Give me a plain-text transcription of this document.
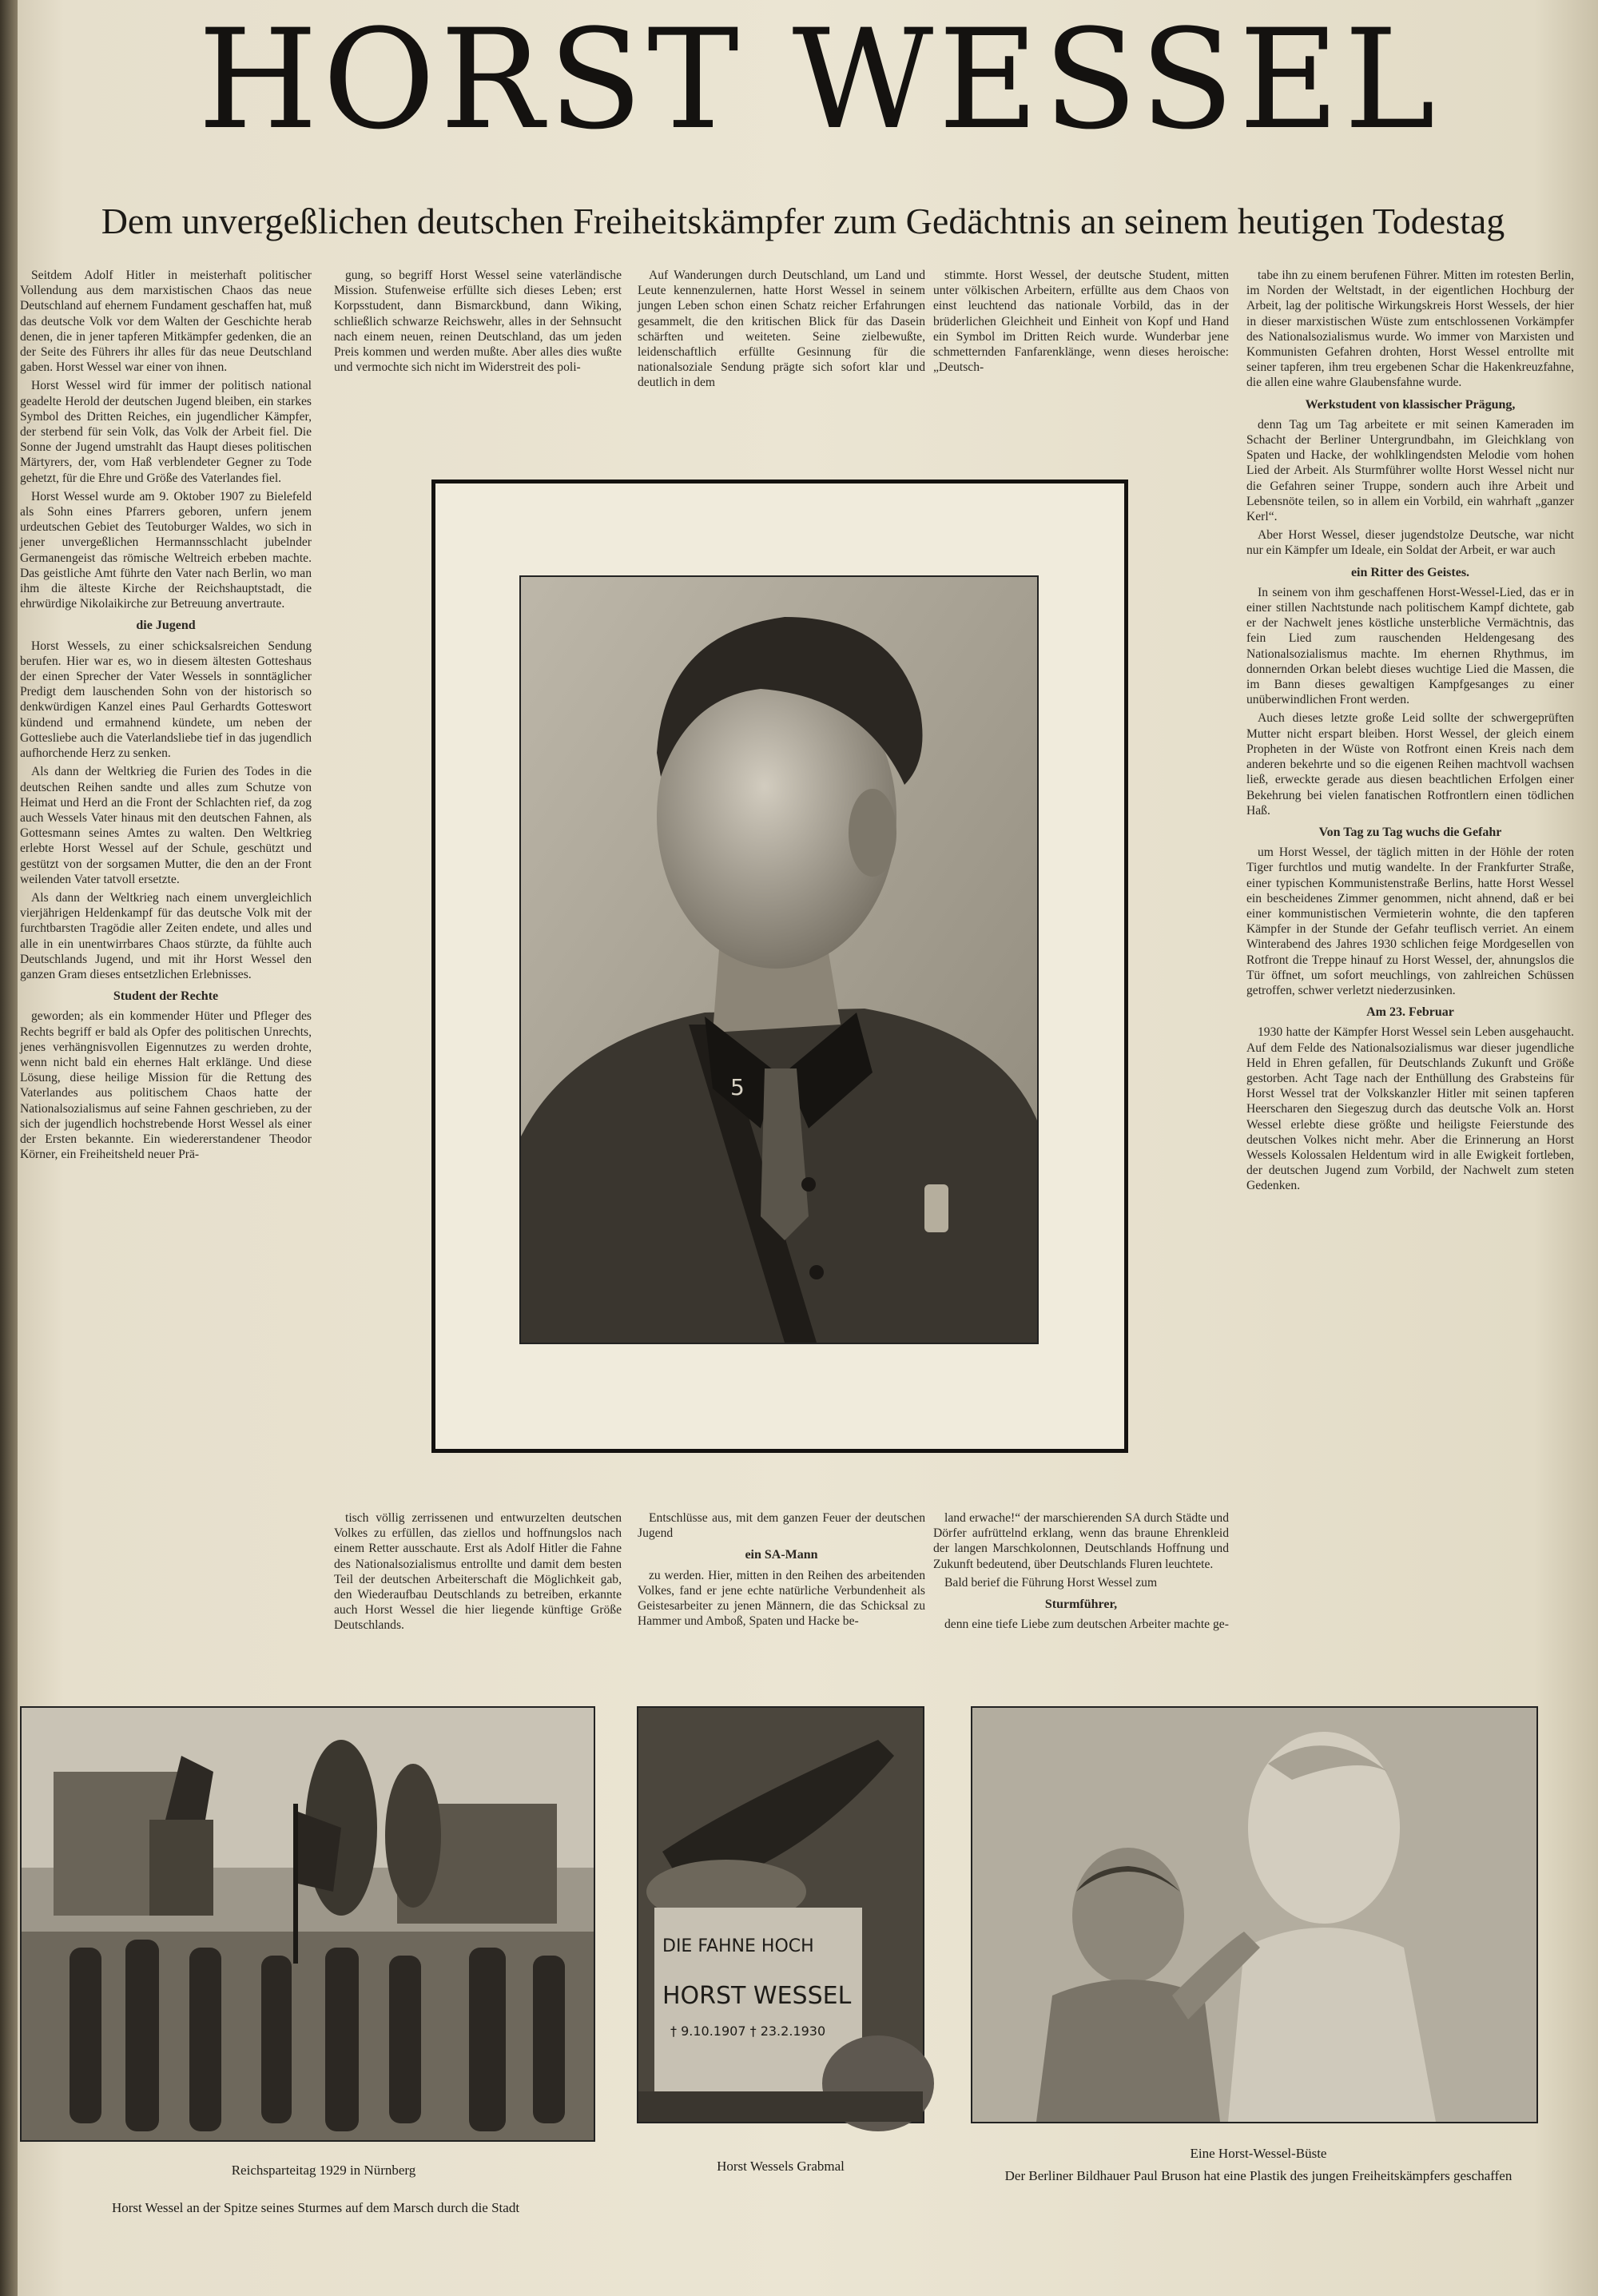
HORST WESSEL
Dem unvergeßlichen deutschen Freiheitskämpfer zum Gedächtnis an seinem heutigen Todestag

Seitdem Adolf Hitler in meisterhaft politischer Vollendung aus dem marxistischen Chaos das neue Deutschland auf ehernem Fundament geschaffen hat, muß das deutsche Volk vor dem Walten der Geschichte herab denen, die in jener tapferen Mitkämpfer gedenken, die an der Seite des Führers ihr alles für das neue Deutschland gaben. Horst Wessel war einer von ihnen.

Horst Wessel wird für immer der politisch national geadelte Herold der deutschen Jugend bleiben, ein starkes Symbol des Dritten Reiches, ein jugendlicher Kämpfer, der sterbend für sein Volk, das Volk der Arbeit fiel. Die Sonne der Jugend umstrahlt das Haupt dieses politischen Märtyrers, der, vom Haß verblendeter Gegner zu Tode gehetzt, für die Ehre und Größe des Vaterlandes fiel.

Horst Wessel wurde am 9. Oktober 1907 zu Bielefeld als Sohn eines Pfarrers geboren, unfern jenem urdeutschen Gebiet des Teutoburger Waldes, wo sich in jener unvergeßlichen Hermannsschlacht jubelnder Germanengeist das römische Weltreich erbeben machte. Das geistliche Amt führte den Vater nach Berlin, wo man ihm die älteste Kirche der Reichshauptstadt, die ehrwürdige Nikolaikirche zur Betreuung anvertraute.

die Jugend

Horst Wessels, zu einer schicksalsreichen Sendung berufen. Hier war es, wo in diesem ältesten Gotteshaus der einen Sprecher der Vater Wessels in sonntäglicher Predigt dem lauschenden Sohn von der historisch so denkwürdigen Kanzel eines Paul Gerhardts Gotteswort kündend und ermahnend kündete, um neben der Gottesliebe auch die Vaterlandsliebe tief in das jugendlich aufhorchende Herz zu senken.

Als dann der Weltkrieg die Furien des Todes in die deutschen Reihen sandte und alles zum Schutze von Heimat und Herd an die Front der Schlachten rief, da zog auch Wessels Vater hinaus mit den deutschen Fahnen, als Gottesmann seines Amtes zu walten. Den Weltkrieg erlebte Horst Wessel auf der Schule, geschützt und gestützt von der sorgsamen Mutter, die den an der Front weilenden Vater tatvoll ersetzte.

Als dann der Weltkrieg nach einem unvergleichlich vierjährigen Heldenkampf für das deutsche Volk mit der furchtbarsten Tragödie aller Zeiten endete, und alles und alle in ein unentwirrbares Chaos stürzte, da fühlte auch Deutschlands Jugend, und mit ihr Horst Wessel den ganzen Gram dieses entsetzlichen Erlebnisses.

Student der Rechte

geworden; als ein kommender Hüter und Pfleger des Rechts begriff er bald als Opfer des politischen Unrechts, jenes verhängnisvollen Eigennutzes zu werden drohte, wenn nicht bald ein ehernes Halt erklänge. Und diese Lösung, diese heilige Mission für die Rettung des Vaterlandes aus politischem Chaos hatte der Nationalsozialismus auf seine Fahnen geschrieben, zu der sich der jugendlich hochstrebende Horst Wessel als einer der Ersten bekannte. Ein wiedererstandener Theodor Körner, ein Freiheitsheld neuer Prä-

gung, so begriff Horst Wessel seine vaterländische Mission. Stufenweise erfüllte sich dieses Leben; erst Korpsstudent, dann Bismarckbund, dann Wiking, schließlich schwarze Reichswehr, alles in der Sehnsucht nach einem neuen, reinen Deutschland, das um jeden Preis kommen und werden mußte. Aber alles dies wußte und vermochte sich nicht im Widerstreit des poli-

Auf Wanderungen durch Deutschland, um Land und Leute kennenzulernen, hatte Horst Wessel in seinem jungen Leben schon einen Schatz reicher Erfahrungen gesammelt, die den kritischen Blick für das Dasein schärften und weiteten. Seine zielbewußte, leidenschaftlich erfüllte Gesinnung für die nationalsoziale Sendung prägte sich sofort klar und deutlich in dem

stimmte. Horst Wessel, der deutsche Student, mitten unter völkischen Arbeitern, erfüllte aus dem Chaos von einst leuchtend das nationale Vorbild, das in der brüderlichen Gleichheit und Einheit von Kopf und Hand ein Symbol im Dritten Reich wurde. Wunderbar jene schmetternden Fanfarenklänge, wenn dieses heroische: „Deutsch-

tabe ihn zu einem berufenen Führer. Mitten im rotesten Berlin, im Norden der Weltstadt, in der eigentlichen Hochburg der Arbeit, lag der politische Wirkungskreis Horst Wessels, der hier in dieser marxistischen Wüste zum entschlossenen Vorkämpfer des Nationalsozialismus wurde. Wo immer von Marxisten und Kommunisten Gefahren drohten, Horst Wessel entrollte mit seiner tapferen, ihm treu ergebenen Schar die Hakenkreuzfahne, die allen eine wahre Glaubensfahne wurde.

Werkstudent von klassischer Prägung,

denn Tag um Tag arbeitete er mit seinen Kameraden im Schacht der Berliner Untergrundbahn, im Gleichklang von Spaten und Hacke, der wohlklingendsten Melodie vom hohen Lied der Arbeit. Als Sturmführer wollte Horst Wessel nicht nur die Gefahren seiner Truppe, sondern auch ihre Arbeit und Lebensnöte teilen, so in allem ein Vorbild, ein wahrhaft „ganzer Kerl“.

Aber Horst Wessel, dieser jugendstolze Deutsche, war nicht nur ein Kämpfer um Ideale, ein Soldat der Arbeit, er war auch

ein Ritter des Geistes.

In seinem von ihm geschaffenen Horst-Wessel-Lied, das er in einer stillen Nachtstunde nach politischem Kampf dichtete, gab er der Nachwelt jenes köstliche unsterbliche Vermächtnis, das fein Lied zum rauschenden Heldengesang des Nationalsozialismus machte. Im ehernen Rhythmus, im donnernden Orkan belebt dieses wuchtige Lied die Massen, die im Bann dieses gewaltigen Kampfgesanges zu einer unüberwindlichen Front werden.

Auch dieses letzte große Leid sollte der schwergeprüften Mutter nicht erspart bleiben. Horst Wessel, der gleich einem Propheten in der Wüste von Rotfront einen Kreis nach dem anderen bekehrte und so die eigenen Reihen machtvoll wachsen ließ, erweckte gerade aus diesen beachtlichen Erfolgen einer Bekehrung bei vielen fanatischen Rotfrontlern einen tödlichen Haß.

Von Tag zu Tag wuchs die Gefahr

um Horst Wessel, der täglich mitten in der Höhle der roten Tiger furchtlos und mutig wandelte. In der Frankfurter Straße, einer typischen Kommunistenstraße Berlins, hatte Horst Wessel ein bescheidenes Zimmer genommen, nicht ahnend, daß er bei einer kommunistischen Vermieterin wohnte, die den tapferen Kämpfer in der Stunde der Gefahr teuflisch verriet. An einem Winterabend des Jahres 1930 schlichen feige Mordgesellen von Rotfront die Treppe hinauf zu Horst Wessel, der, ahnungslos die Tür öffnet, um sofort meuchlings, von zahlreichen Schüssen getroffen, schwer verletzt niederzusinken.

Am 23. Februar

1930 hatte der Kämpfer Horst Wessel sein Leben ausgehaucht. Auf dem Felde des Nationalsozialismus war dieser jugendliche Held in Ehren gefallen, für Deutschlands Zukunft und Größe gestorben. Acht Tage nach der Enthüllung des Grabsteins für Horst Wessel trat der Volkskanzler Hitler mit seinen tapferen Heerscharen den Siegeszug durch das deutsche Volk an. Horst Wessel erlebte diese größte und heiligste Feierstunde des deutschen Volkes nicht mehr. Aber die Erinnerung an Horst Wessels Kolossalen Heldentum wird in alle Ewigkeit fortleben, der deutschen Jugend zum Vorbild, der Nachwelt zum steten Gedenken.

5

tisch völlig zerrissenen und entwurzelten deutschen Volkes zu erfüllen, das ziellos und hoffnungslos nach einem Retter ausschaute. Erst als Adolf Hitler die Fahne des Nationalsozialismus entrollte und damit dem besten Teil der deutschen Arbeiterschaft die Möglichkeit gab, den Wiederaufbau Deutschlands zu betreiben, erkannte auch Horst Wessel die hier liegende künftige Größe Deutschlands.

Entschlüsse aus, mit dem ganzen Feuer der deutschen Jugend

ein SA-Mann

zu werden. Hier, mitten in den Reihen des arbeitenden Volkes, fand er jene echte natürliche Verbundenheit als Geistesarbeiter zu jenen Männern, die das Schicksal zu Hammer und Amboß, Spaten und Hacke be-

land erwache!“ der marschierenden SA durch Städte und Dörfer aufrüttelnd erklang, wenn das braune Ehrenkleid der langen Marschkolonnen, Deutschlands Hoffnung und Zukunft bedeutend, über Deutschlands Fluren leuchtete.

Bald berief die Führung Horst Wessel zum

Sturmführer,

denn eine tiefe Liebe zum deutschen Arbeiter machte ge-

DIE FAHNE HOCH
HORST WESSEL
† 9.10.1907 † 23.2.1930
Reichsparteitag 1929 in Nürnberg
Horst Wessel an der Spitze seines Sturmes auf dem Marsch durch die Stadt
Horst Wessels Grabmal
Eine Horst-Wessel-Büste
Der Berliner Bildhauer Paul Bruson hat eine Plastik des jungen Freiheitskämpfers geschaffen
